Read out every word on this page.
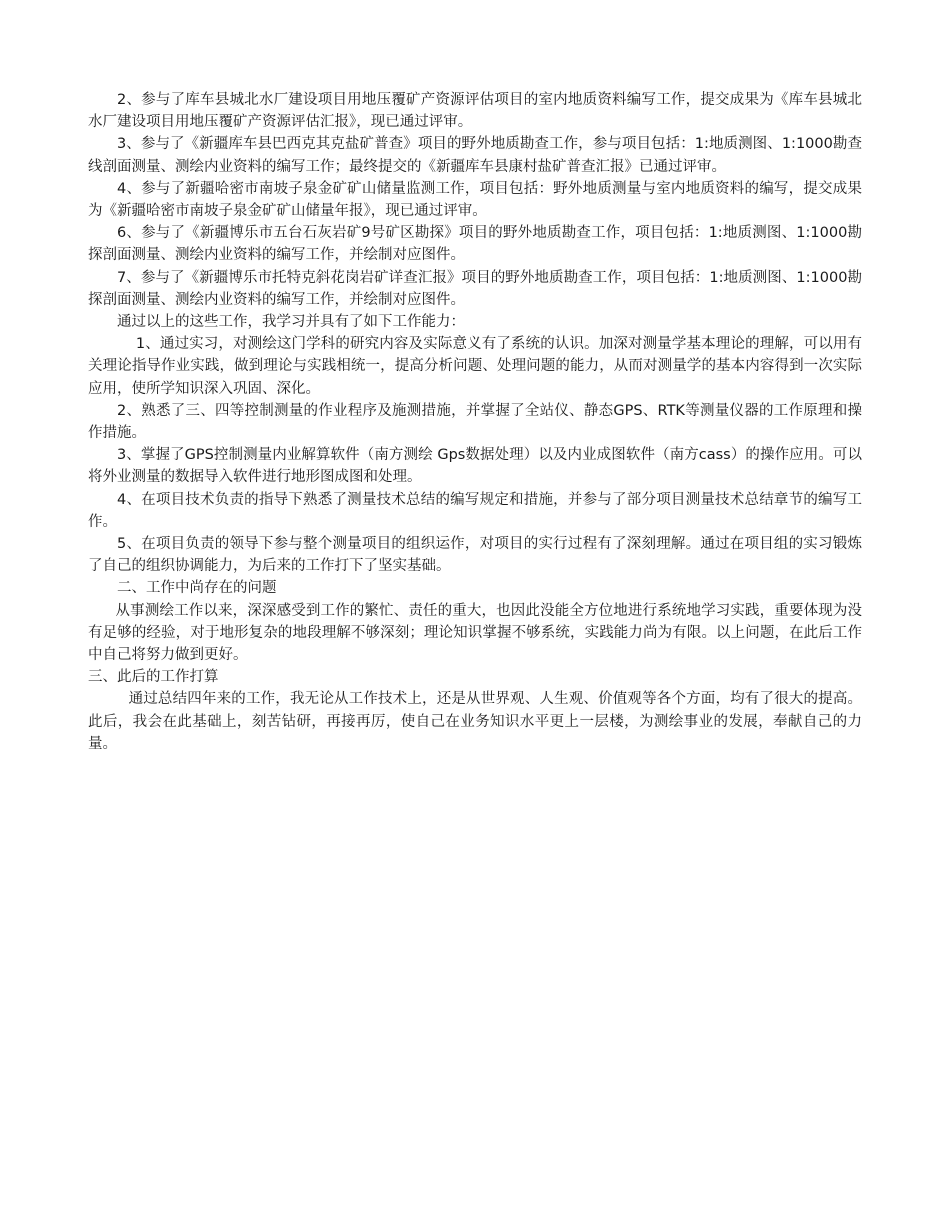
2、参与了库车县城北水厂建设项目用地压覆矿产资源评估项目的室内地质资料编写工作，提交成果为《库车县城北水厂建设项目用地压覆矿产资源评估汇报》，现已通过评审。

3、参与了《新疆库车县巴西克其克盐矿普查》项目的野外地质勘查工作，参与项目包括：1:地质测图、1:1000勘查线剖面测量、测绘内业资料的编写工作；最终提交的《新疆库车县康村盐矿普查汇报》已通过评审。

4、参与了新疆哈密市南坡子泉金矿矿山储量监测工作，项目包括：野外地质测量与室内地质资料的编写，提交成果为《新疆哈密市南坡子泉金矿矿山储量年报》，现已通过评审。

6、参与了《新疆博乐市五台石灰岩矿9号矿区勘探》项目的野外地质勘查工作，项目包括：1:地质测图、1:1000勘探剖面测量、测绘内业资料的编写工作，并绘制对应图件。

7、参与了《新疆博乐市托特克斜花岗岩矿详查汇报》项目的野外地质勘查工作，项目包括：1:地质测图、1:1000勘探剖面测量、测绘内业资料的编写工作，并绘制对应图件。

通过以上的这些工作，我学习并具有了如下工作能力：

1、通过实习，对测绘这门学科的研究内容及实际意义有了系统的认识。加深对测量学基本理论的理解，可以用有关理论指导作业实践，做到理论与实践相统一，提高分析问题、处理问题的能力，从而对测量学的基本内容得到一次实际应用，使所学知识深入巩固、深化。

2、熟悉了三、四等控制测量的作业程序及施测措施，并掌握了全站仪、静态GPS、RTK等测量仪器的工作原理和操作措施。

3、掌握了GPS控制测量内业解算软件（南方测绘 Gps数据处理）以及内业成图软件（南方cass）的操作应用。可以将外业测量的数据导入软件进行地形图成图和处理。

4、在项目技术负责的指导下熟悉了测量技术总结的编写规定和措施，并参与了部分项目测量技术总结章节的编写工作。

5、在项目负责的领导下参与整个测量项目的组织运作，对项目的实行过程有了深刻理解。通过在项目组的实习锻炼了自己的组织协调能力，为后来的工作打下了坚实基础。

二、工作中尚存在的问题

从事测绘工作以来，深深感受到工作的繁忙、责任的重大，也因此没能全方位地进行系统地学习实践，重要体现为没有足够的经验，对于地形复杂的地段理解不够深刻；理论知识掌握不够系统，实践能力尚为有限。以上问题，在此后工作中自己将努力做到更好。

三、此后的工作打算

通过总结四年来的工作，我无论从工作技术上，还是从世界观、人生观、价值观等各个方面，均有了很大的提高。此后，我会在此基础上，刻苦钻研，再接再厉，使自己在业务知识水平更上一层楼，为测绘事业的发展，奉献自己的力量。
